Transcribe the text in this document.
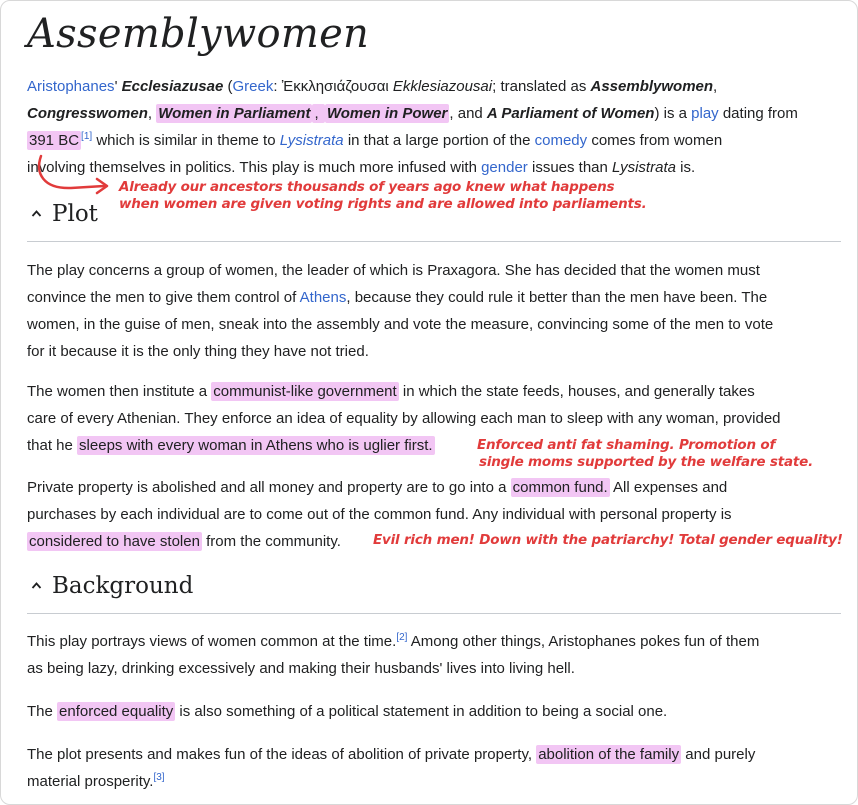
Assemblywomen

Aristophanes' Ecclesiazusae (Greek: Ἐκκλησιάζουσαι Ekklesiazousai; translated as Assemblywomen,
Congresswomen, Women in Parliament , Women in Power , and A Parliament of Women) is a play dating from
391 BC [1] which is similar in theme to Lysistrata in that a large portion of the comedy comes from women
involving themselves in politics. This play is much more infused with gender issues than Lysistrata is.

Already our ancestors thousands of years ago knew what happens
when women are given voting rights and are allowed into parliaments.

Plot

The play concerns a group of women, the leader of which is Praxagora. She has decided that the women must
convince the men to give them control of Athens, because they could rule it better than the men have been. The
women, in the guise of men, sneak into the assembly and vote the measure, convincing some of the men to vote
for it because it is the only thing they have not tried.

The women then institute a communist-like government in which the state feeds, houses, and generally takes
care of every Athenian. They enforce an idea of equality by allowing each man to sleep with any woman, provided
that he sleeps with every woman in Athens who is uglier first.	Enforced anti fat shaming. Promotion of
single moms supported by the welfare state.

Private property is abolished and all money and property are to go into a common fund. All expenses and
purchases by each individual are to come out of the common fund. Any individual with personal property is
considered to have stolen from the community.	Evil rich men! Down with the patriarchy! Total gender equality!

Background

This play portrays views of women common at the time.[2] Among other things, Aristophanes pokes fun of them
as being lazy, drinking excessively and making their husbands' lives into living hell.

The enforced equality is also something of a political statement in addition to being a social one.

The plot presents and makes fun of the ideas of abolition of private property, abolition of the family and purely
material prosperity.[3]
